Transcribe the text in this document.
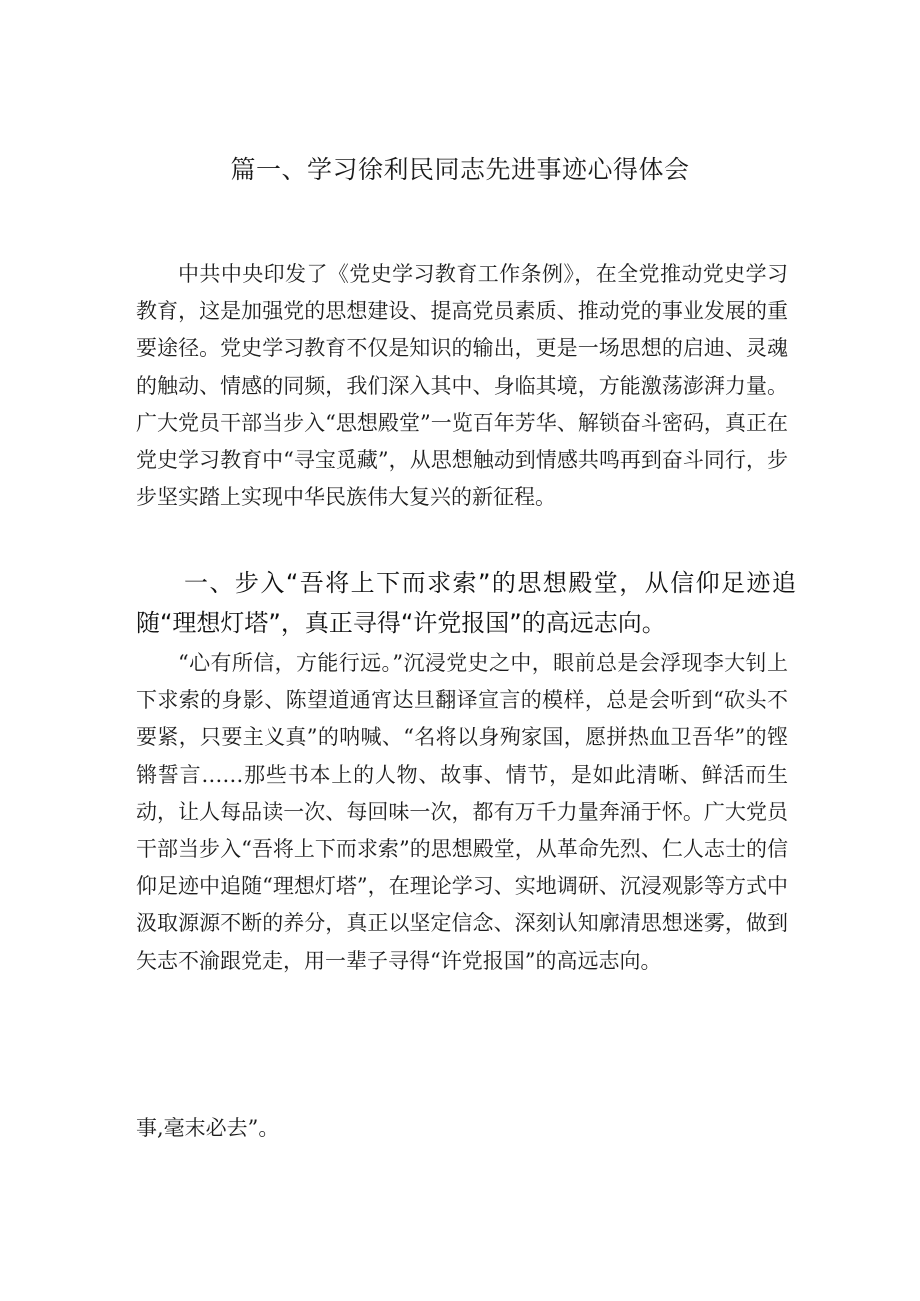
篇一、学习徐利民同志先进事迹心得体会

中共中央印发了《党史学习教育工作条例》，在全党推动党史学习教育，这是加强党的思想建设、提高党员素质、推动党的事业发展的重要途径。党史学习教育不仅是知识的输出，更是一场思想的启迪、灵魂的触动、情感的同频，我们深入其中、身临其境，方能激荡澎湃力量。广大党员干部当步入“思想殿堂”一览百年芳华、解锁奋斗密码，真正在党史学习教育中“寻宝觅藏”，从思想触动到情感共鸣再到奋斗同行，步步坚实踏上实现中华民族伟大复兴的新征程。

一、步入“吾将上下而求索”的思想殿堂，从信仰足迹追随“理想灯塔”，真正寻得“许党报国”的高远志向。

“心有所信，方能行远。”沉浸党史之中，眼前总是会浮现李大钊上下求索的身影、陈望道通宵达旦翻译宣言的模样，总是会听到“砍头不要紧，只要主义真”的呐喊、“名将以身殉家国，愿拼热血卫吾华”的铿锵誓言……那些书本上的人物、故事、情节，是如此清晰、鲜活而生动，让人每品读一次、每回味一次，都有万千力量奔涌于怀。广大党员干部当步入“吾将上下而求索”的思想殿堂，从革命先烈、仁人志士的信仰足迹中追随“理想灯塔”，在理论学习、实地调研、沉浸观影等方式中汲取源源不断的养分，真正以坚定信念、深刻认知廓清思想迷雾，做到矢志不渝跟党走，用一辈子寻得“许党报国”的高远志向。

事,毫末必去”。
